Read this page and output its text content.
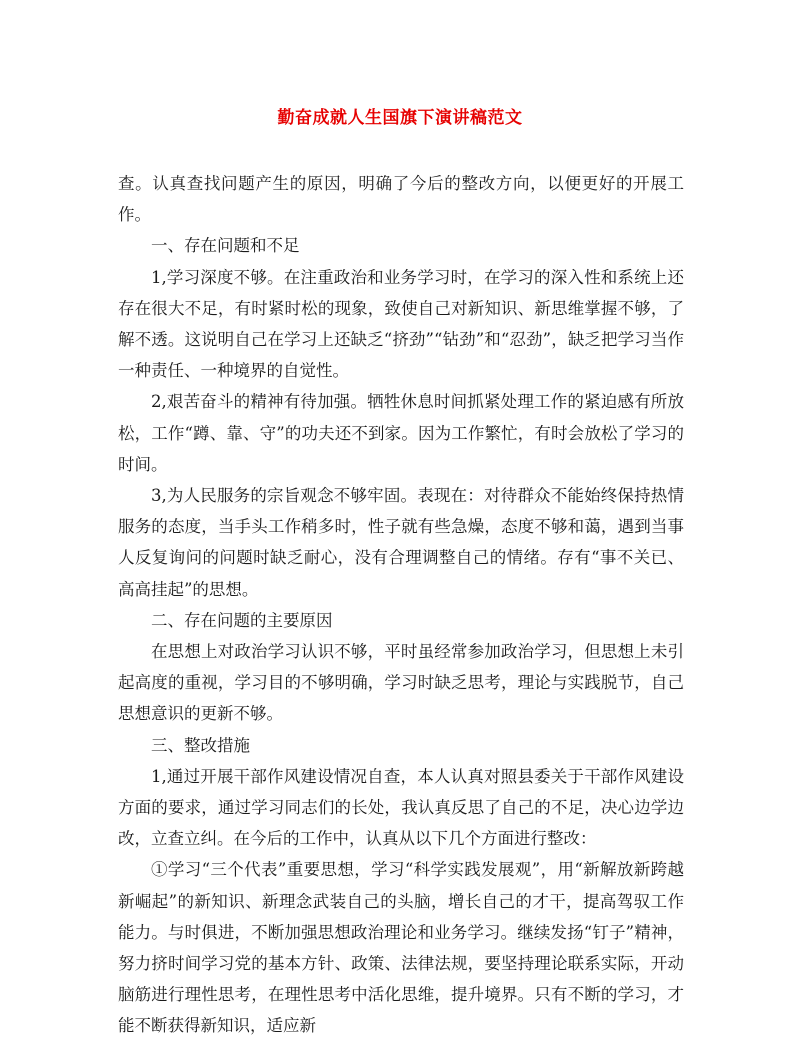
勤奋成就人生国旗下演讲稿范文

查。认真查找问题产生的原因，明确了今后的整改方向，以便更好的开展工作。

一、存在问题和不足

1,学习深度不够。在注重政治和业务学习时，在学习的深入性和系统上还存在很大不足，有时紧时松的现象，致使自己对新知识、新思维掌握不够，了解不透。这说明自己在学习上还缺乏“挤劲”“钻劲”和“忍劲”，缺乏把学习当作一种责任、一种境界的自觉性。

2,艰苦奋斗的精神有待加强。牺牲休息时间抓紧处理工作的紧迫感有所放松，工作“蹲、靠、守”的功夫还不到家。因为工作繁忙，有时会放松了学习的时间。

3,为人民服务的宗旨观念不够牢固。表现在：对待群众不能始终保持热情服务的态度，当手头工作稍多时，性子就有些急燥，态度不够和蔼，遇到当事人反复询问的问题时缺乏耐心，没有合理调整自己的情绪。存有“事不关已、高高挂起”的思想。

二、存在问题的主要原因

在思想上对政治学习认识不够，平时虽经常参加政治学习，但思想上未引起高度的重视，学习目的不够明确，学习时缺乏思考，理论与实践脱节，自己思想意识的更新不够。

三、整改措施

1,通过开展干部作风建设情况自查，本人认真对照县委关于干部作风建设方面的要求，通过学习同志们的长处，我认真反思了自己的不足，决心边学边改，立查立纠。在今后的工作中，认真从以下几个方面进行整改：

①学习“三个代表”重要思想，学习“科学实践发展观”，用“新解放新跨越新崛起”的新知识、新理念武装自己的头脑，增长自己的才干，提高驾驭工作能力。与时俱进，不断加强思想政治理论和业务学习。继续发扬“钉子”精神，努力挤时间学习党的基本方针、政策、法律法规，要坚持理论联系实际，开动脑筋进行理性思考，在理性思考中活化思维，提升境界。只有不断的学习，才能不断获得新知识，适应新
